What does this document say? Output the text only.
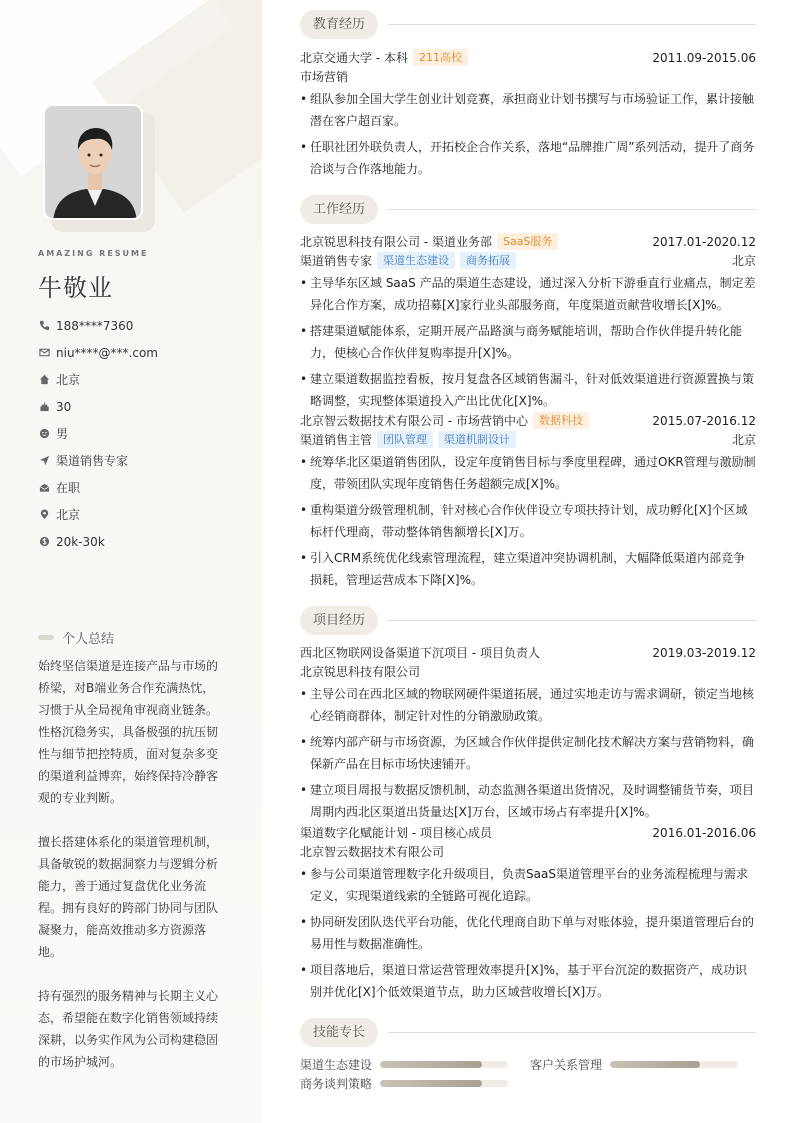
AMAZING RESUME
牛敬业
188****7360
niu****@***.com
北京
30
男
渠道销售专家
在职
北京
20k-30k
个人总结

始终坚信渠道是连接产品与市场的桥梁，对B端业务合作充满热忱，习惯于从全局视角审视商业链条。性格沉稳务实，具备极强的抗压韧性与细节把控特质，面对复杂多变的渠道利益博弈，始终保持冷静客观的专业判断。

擅长搭建体系化的渠道管理机制，具备敏锐的数据洞察力与逻辑分析能力，善于通过复盘优化业务流程。拥有良好的跨部门协同与团队凝聚力，能高效推动多方资源落地。

持有强烈的服务精神与长期主义心态，希望能在数字化销售领域持续深耕，以务实作风为公司构建稳固的市场护城河。

教育经历
北京交通大学 - 本科	211高校	2011.09-2015.06
市场营销
• 组队参加全国大学生创业计划竞赛，承担商业计划书撰写与市场验证工作，累计接触潜在客户超百家。
• 任职社团外联负责人，开拓校企合作关系，落地“品牌推广周”系列活动，提升了商务洽谈与合作落地能力。
工作经历
北京锐思科技有限公司 - 渠道业务部	SaaS服务	2017.01-2020.12
渠道销售专家	渠道生态建设	商务拓展	北京
• 主导华东区域 SaaS 产品的渠道生态建设，通过深入分析下游垂直行业痛点，制定差异化合作方案，成功招募[X]家行业头部服务商，年度渠道贡献营收增长[X]%。
• 搭建渠道赋能体系，定期开展产品路演与商务赋能培训，帮助合作伙伴提升转化能力，使核心合作伙伴复购率提升[X]%。
• 建立渠道数据监控看板，按月复盘各区域销售漏斗，针对低效渠道进行资源置换与策略调整，实现整体渠道投入产出比优化[X]%。
北京智云数据技术有限公司 - 市场营销中心	数据科技	2015.07-2016.12
渠道销售主管	团队管理	渠道机制设计	北京
• 统筹华北区渠道销售团队，设定年度销售目标与季度里程碑，通过OKR管理与激励制度，带领团队实现年度销售任务超额完成[X]%。
• 重构渠道分级管理机制，针对核心合作伙伴设立专项扶持计划，成功孵化[X]个区域标杆代理商，带动整体销售额增长[X]万。
• 引入CRM系统优化线索管理流程，建立渠道冲突协调机制，大幅降低渠道内部竞争损耗，管理运营成本下降[X]%。
项目经历
西北区物联网设备渠道下沉项目 - 项目负责人	2019.03-2019.12
北京锐思科技有限公司
• 主导公司在西北区域的物联网硬件渠道拓展，通过实地走访与需求调研，锁定当地核心经销商群体，制定针对性的分销激励政策。
• 统筹内部产研与市场资源，为区域合作伙伴提供定制化技术解决方案与营销物料，确保新产品在目标市场快速铺开。
• 建立项目周报与数据反馈机制，动态监测各渠道出货情况，及时调整铺货节奏，项目周期内西北区渠道出货量达[X]万台，区域市场占有率提升[X]%。
渠道数字化赋能计划 - 项目核心成员	2016.01-2016.06
北京智云数据技术有限公司
• 参与公司渠道管理数字化升级项目，负责SaaS渠道管理平台的业务流程梳理与需求定义，实现渠道线索的全链路可视化追踪。
• 协同研发团队迭代平台功能，优化代理商自助下单与对账体验，提升渠道管理后台的易用性与数据准确性。
• 项目落地后，渠道日常运营管理效率提升[X]%，基于平台沉淀的数据资产，成功识别并优化[X]个低效渠道节点，助力区域营收增长[X]万。
技能专长
渠道生态建设	客户关系管理
商务谈判策略
